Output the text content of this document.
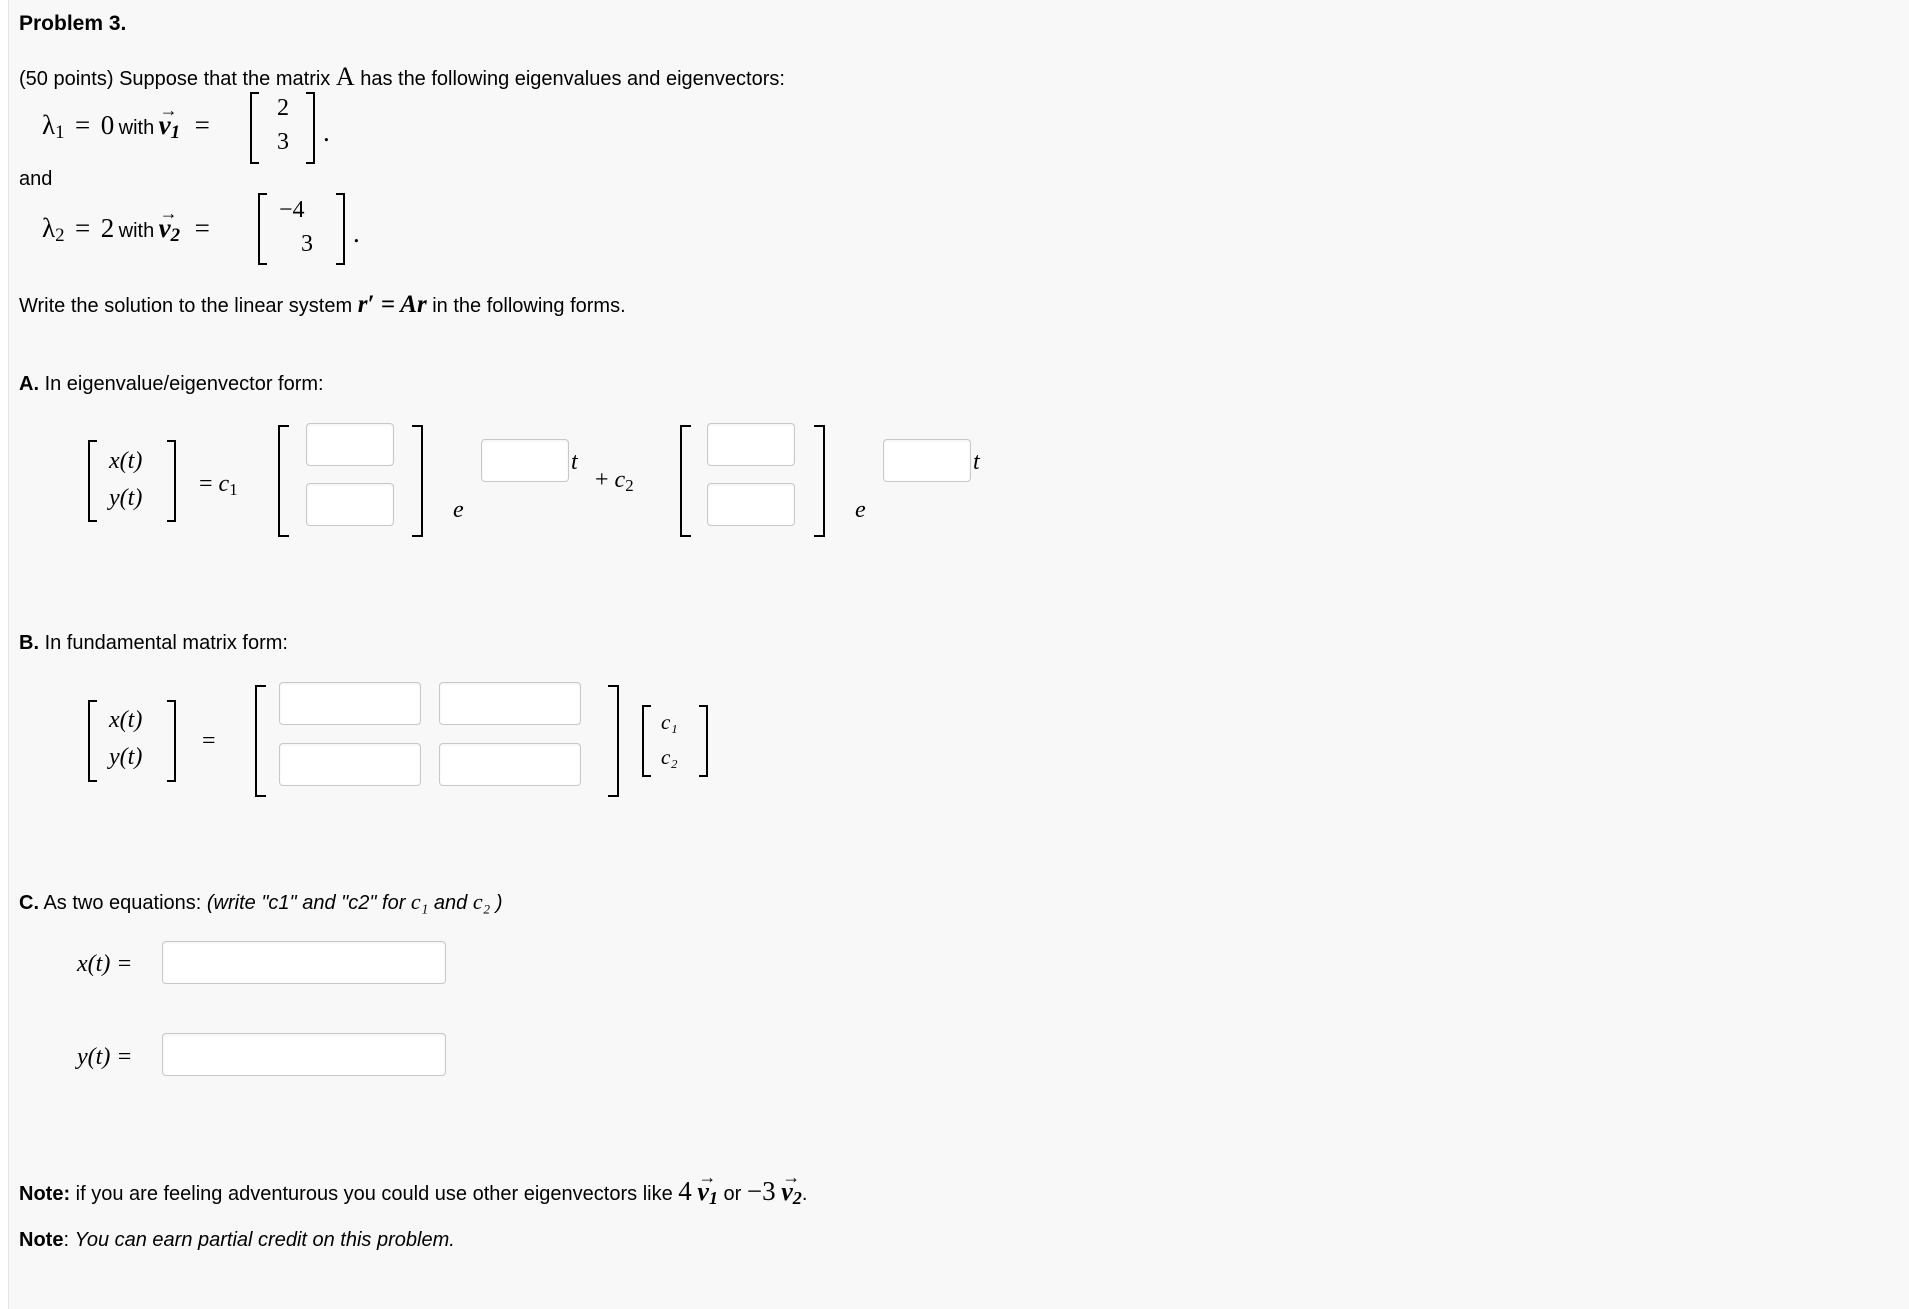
Problem 3.
(50 points) Suppose that the matrix A has the following eigenvalues and eigenvectors:
$\lambda_1 = 0$ with → $v_1$ =
2
3 .
and
$\lambda_2 = 2$ with → $v_2$ =
−4
3 .
Write the solution to the linear system r′ = Ar in the following forms.
A. In eigenvalue/eigenvector form:
x(t)
y(t)
= $c_1$
e
t
+ $c_2$
e
t
B. In fundamental matrix form:
x(t)
y(t)
=
c₁
c₂
C. As two equations: (write "c1" and "c2" for c₁ and c₂ )
x(t) =
y(t) =
Note: if you are feeling adventurous you could use other eigenvectors like $4 \to v_1$ or $-3 \to v_2$.
Note: You can earn partial credit on this problem.
